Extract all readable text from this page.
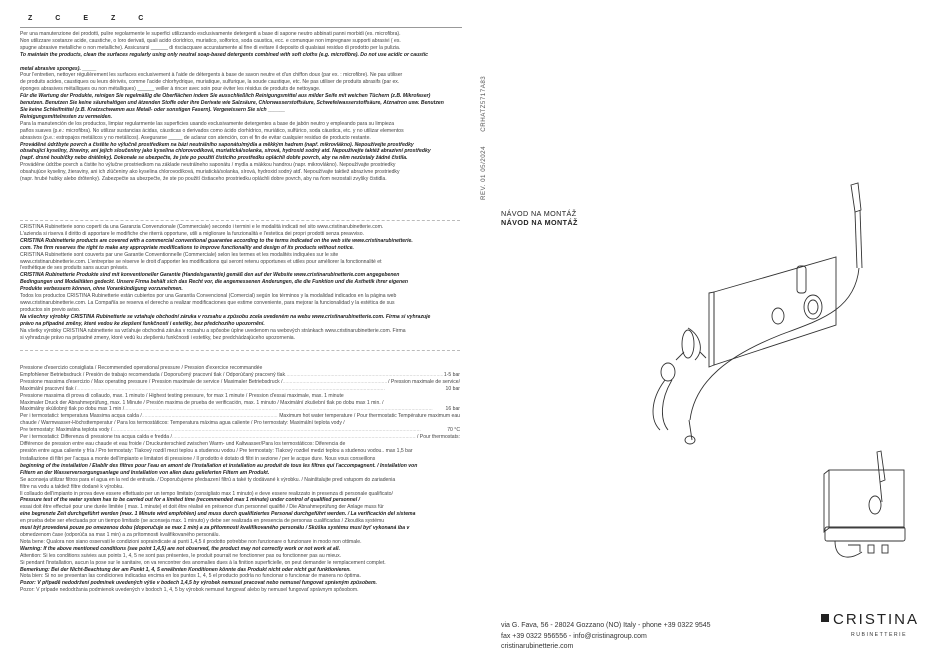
Z	C	E	Z	C

Per una manutenzione dei prodotti, pulire regolarmente le superfici utilizzando esclusivamente detergenti a base di sapone neutro abbinati panni morbidi (es. microfibra).

Non utilizzare sostanze acide, caustiche, o loro derivati, quali acido cloridrico, muriatico, solforico, soda caustica, ecc. e comunque non impregnare supporti abrasivi ( es.

spugne abrasive metalliche o non metalliche). Assicurarsi ______ di risciacquare accuratamente al fine di evitare il deposito di qualsiasi residuo di prodotto per la pulizia.

To maintain the products, clean the surfaces regularly using only neutral soap-based detergents combined with soft cloths (e.g. microfibre). Do not use acidic or caustic

metal abrasive sponges). _____

Pour l'entretien, nettoyer régulièrement les surfaces exclusivement à l'aide de détergents à base de savon neutre et d'un chiffon doux (par ex. : microfibre). Ne pas utiliser

de produits acides, caustiques ou leurs dérivés, comme l'acide chlorhydrique, muriatique, sulfurique, la soude caustique, etc. Ne pas utiliser de produits abrasifs (par ex.

éponges abrasives métalliques ou non métalliques) ______ veiller à rincer avec soin pour éviter les résidus de produits de nettoyage.

Für die Wartung der Produkte, reinigen Sie regelmäßig die Oberflächen indem Sie ausschließlich Reinigungsmittel aus milder Seife mit weichen Tüchern (z.B. Mikrofaser)

benutzen. Benutzen Sie keine säurehaltigen und ätzenden Stoffe oder ihre Derivate wie Salzsäure, Chlorwasserstoffsäure, Schwefelwasserstoffsäure, Ätznatron usw. Benutzen

Sie keine Schleifmittel (z.B. Kratzschwamm aus Metall- oder sonstigen Fasern). Vergewissern Sie sich ______

Reinigungsmittelresten zu vermeiden.

Para la manutención de los productos, limpiar regularmente las superficies usando exclusivamente detergentes a base de jabón neutro y empleando para su limpieza

paños suaves (p.e.: microfibra). No utilizar sustancias ácidas, cáusticas o derivados como ácido clorhídrico, muriático, sulfúrico, soda cáustica, etc. y no utilizar elementos

abrasivos (p.e.: estropajos metálicos y no metálicos). Asegurarse _____ de aclarar con atención, con el fin de evitar cualquier residuo de producto restante.

Prováděné údržbyte povrch a čistěte ho výlučně prostředkem na bázi neutrálního saponátu/mýdla a měkkým hadrem (např. mikrovlákno). Nepoužívejte prostředky

obsahující kyseliny, žíraviny, ani jejich sloučeniny jako kyselina chlorovodíková, muriatická/solanka, sírová, hydroxid sodný atd. Nepoužívejte taktéž abrazivní prostředky

(např. drsné houbičky nebo drátěnky). Dokonale se ubezpečte, že jste po použití čisticího prostředku opláchli dobře povrch, aby na něm nezůstaly žádné čistila.

Prováděne údržbe povrch a čistite ho výlučne prostriedkom na základe neutrálneho saponátu / mydla a mäkkou handrou (napr. mikrovlákno). Nepoužívajte prostriedky

obsahujúce kyseliny, žieraviny, ani ich zlúčeniny ako kyselina chlorovodíková, muriatická/solanka, sírová, hydroxid sodný atď. Nepoužívajte taktiež abrazívne prostriedky

(napr. hrubé hubky alebo drôtenky). Zabezpečte sa ubezpečte, že ste po použití čistiaceho prostriedku opláchli dobre povrch, aby na ňom nezostali zvyšky čistidla.

CRISTINA Rubinetterie sono coperti da una Garanzia Convenzionale (Commerciale) secondo i termini e le modalità indicati nel sito www.cristinarubinetterie.com.

L'azienda si riserva il diritto di apportare le modifiche che riterrà opportune, utili a migliorare la funzionalità e l'estetica dei propri prodotti senza preavviso.

CRISTINA Rubinetterie products are covered with a commercial conventional guarantee according to the terms indicated on the web site www.cristinarubinetterie.

com. The firm reserves the right to make any appropriate modifications to improve functionality and design of its products without notice.

CRISTINA Rubinetterie sont couverts par une Garantie Conventionnelle (Commerciale) selon les termes et les modalités indiquées sur le site

www.cristinarubinetterie.com. L'entreprise se réserve le droit d'apporter les modifications qui seront retenu opportunes et utiles pour améliorer la fonctionnalité et

l'esthétique de ses produits sans aucun préavis.

CRISTINA Rubinetterie Produkte sind mit konventioneller Garantie (Handelsgarantie) gemäß den auf der Website www.cristinarubinetterie.com angegebenen

Bedingungen und Modalitäten gedeckt. Unsere Firma behält sich das Recht vor, die angemessenen Änderungen, die die Funktion und die Ästhetik ihrer eigenen

Produkte verbessern können, ohne Vorankündigung vorzunehmen.

Todos los productos CRISTINA Rubinetterie están cubiertos por una Garantía Convencional (Comercial) según los términos y la modalidad indicados en la página web

www.cristinarubinetterie.com. La Compañía se reserva el derecho a realizar modificaciones que estime conveniente, para mejorar la funcionalidad y la estética de sus

productos sin previo aviso.

Na všechny výrobky CRISTINA Rubinetterie se vztahuje obchodní záruka v rozsahu a způsobu zcela uvedeném na webu www.cristinarubinetterie.com. Firma si vyhrazuje

právo na případné změny, které vedou ke zlepšení funkčnosti i estetiky, bez předchozího upozornění.

Na všetky výrobky CRISTINA rubinetterie sa vzťahuje obchodná záruka v rozsahu a spôsobe úplne uvedenom na webových stránkach www.cristinarubinetterie.com. Firma

si vyhradzuje právo na prípadné zmeny, ktoré vedú ku zlepšeniu funkčnosti i estetiky, bez predchádzajúceho upozornenia.

Pressione d'esercizio consigliata / Recommended operational pressure / Pression d'exercice recommandée
Empfohlener Betriebsdruck / Presión de trabajo recomendada / Doporučený pracovní tlak / Odporúčaný pracovný tlak .....	1-5 bar
Pressione massima d'esercizio / Max operating pressure / Pression maximale de service / Maximaler Betriebsdruck / .....	/ Pression maximale de service/
Maximální pracovní tlak / .....	10 bar
Pressione massima di prova di collaudo, max. 1 minuto / Highest testing pressure, for max 1 minute / Pression d'essai maximale, max. 1 minute
Maximaler Druck der Abnahmeprüfung, max. 1 Minute / Presión maxima de prueba de verificación, max. 1 minuto / Maximální zkušební tlak po dobu max 1 min. /
Maximálny skúšobný tlak po dobu max 1 min / .....	16 bar
Per i termostatici: temperatura Massima acqua calda / .....	Maximum hot water temperature / Pour thermostatic Température maximum eau
chaude / Warmwasser-Höchsttemperatur / Para los termostáticos: Temperatura máxima agua caliente / Pro termostaty: Maximální teplota vody /
Pre termostaty: Maximálna teplota vody / .....	70 °C
Per i termostatici: Differenza di pressione tra acqua calda e fredda / .....	/ Pour thermostats:
Différence de pression entre eau chaude et eau froide / Druckunterschied zwischen Warm- und Kaltwasser/Para los termostáticos: Diferencia de
presión entre agua caliente y fría / Pro termostaty: Tlakový rozdíl mezi teplou a studenou vodou / Pre termostaty: Tlakový rozdiel medzi teplou a studenou vodou.. max 1,5 bar

Installazione di filtri per l'acqua a monte dell'impianto e limitatori di pressione / Il prodotto è dotato di filtri in sezione / per le acque dure. Nous vous conseillons

beginning of the installation / Établir des filtres pour l'eau en amont de l'installation et installation au produit de tous les filtres qui l'accompagnent. / Installation von

Filtern an der Wasserversorgungsanlage und Installation von allen dazu gelieferten Filtern am Produkt.

Se aconseja utilizar filtros para el agua en la red de entrada. / Doporučujeme předsazení filtrů a také ty dodávané k výrobku. / Nainštalujte pred vstupom do zariadenia

filtre na vodu a taktiež filtre dodané k výrobku.

Il collaudo dell'impianto in prova deve essere effettuato per un tempo limitato (consigliato max 1 minuto) e deve essere realizzato in presenza di personale qualificato/

Pressure test of the water system has to be carried out for a limited time (recommended max 1 minute) under control of qualified personnel /

essai doit être effectué pour une durée limitée ( max. 1 minute) et doit être réalisé en présence d'un personnel qualifié / Die Abnahmeprüfung der Anlage muss für

eine begrenzte Zeit durchgeführt werden (max. 1 Minute wird empfohlen) und muss durch qualifiziertes Personal durchgeführt werden. / La verificación del sistema

en prueba debe ser efectuada por un tiempo limitado (se aconseja max. 1 minuto) y debe ser realizada en presencia de personas cualificadas / Zkouška systému

musí být provedená pouze po omezenou dobu (doporučuje se max 1 min) a za přítomnosti kvalifikovaného personálu / Skúška systému musí byť vykonaná iba v

obmedzenom čase (odporúča sa max 1 min) a za prítomnosti kvalifikovaného personálu.

Nota bene: Qualora non siano osservati le condizioni sopraindicate ai punti 1,4,5 il prodotto potrebbe non funzionare o funzionare in modo non ottimale.

Warning: If the above mentioned conditions (see point 1,4,5) are not observed, the product may not correctly work or not work at all.

Attention: Si les conditions suivies aux points 1, 4, 5 ne sont pas présentes, le produit pourrait ne fonctionner pas ou fonctionner pas au mieux.

Si pendant l'installation, aucun la pose sur le sanitaire, on va rencontrer des anomalies dues à la finition superficielle, on peut demander le remplacement complet.

Bemerkung: Bei der Nicht-Beachtung der am Punkt 1, 4, 5 erwähnten Konditionen könnte das Produkt nicht oder nicht gut funktionieren.

Nota bien: Si no se presentan las condiciones indicadas encima en los puntos 1, 4, 5 el producto podría no funcionar o funcionar de manera no óptima.

Pozor: V případě nedodržení podmínek uvedených výše v bodech 1,4,5 by výrobek nemusel pracovat nebo nemusel fungovat správným způsobem.

Pozor: V prípade nedodržania podmienok uvedených v bodoch 1, 4, 5 by výrobok nemusel fungovať alebo by nemusel fungovať správnym spôsobom.

REV. 01 05/2024 CRHATZ5717A83
NÁVOD NA MONTÁŽ
NÁVOD NA MONTÁŽ
via G. Fava, 56 - 28024 Gozzano (NO) Italy - phone +39 0322 9545
fax +39 0322 956556 - info@cristinagroup.com
cristinarubinetterie.com
CRISTINA
RUBINETTERIE
